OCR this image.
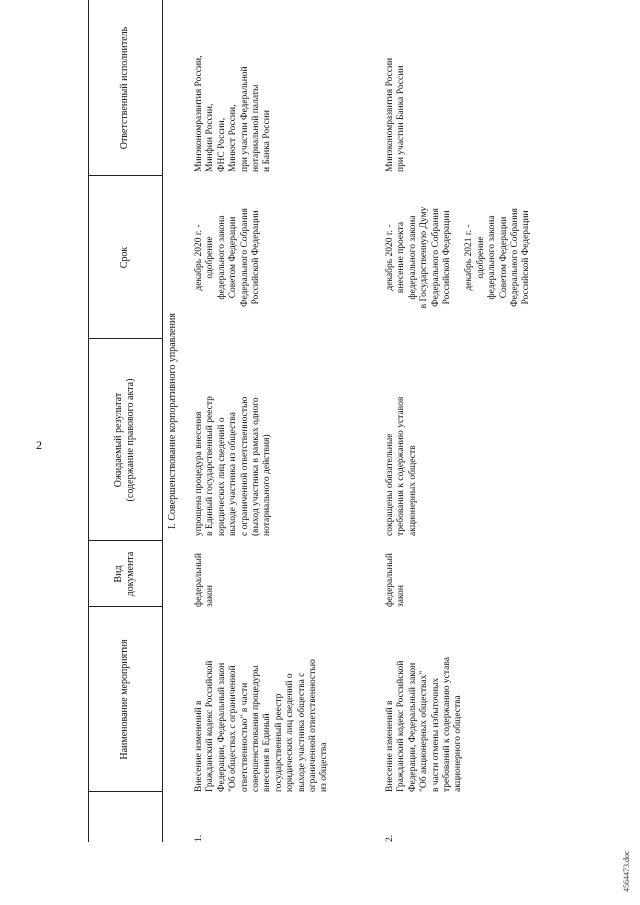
2
4564473.doc
Наименование мероприятия
Вид документа
Ожидаемый результат (содержание правового акта)
Срок
Ответственный исполнитель
I. Совершенствование корпоративного управления
1.
Внесение изменений в Гражданский кодекс Российской Федерации, Федеральный закон "Об обществах с ограниченной ответственностью" в части совершенствования процедуры внесения в Единый государственный реестр юридических лиц сведений о выходе участника общества с ограниченной ответственностью из общества
федеральный закон
упрощена процедура внесения в Единый государственный реестр юридических лиц сведений о выходе участника из общества с ограниченной ответственностью (выход участника в рамках одного нотариального действия)
декабрь 2020 г. - одобрение федерального закона Советом Федерации Федерального Собрания Российской Федерации
Минэкономразвития России, Минфин России, ФНС России, Минюст России, при участии Федеральной нотариальной палаты и Банка России
2.
Внесение изменений в Гражданский кодекс Российской Федерации, Федеральный закон "Об акционерных обществах" в части отмены избыточных требований к содержанию устава акционерного общества
федеральный закон
сокращены обязательные требования к содержанию уставов акционерных обществ
декабрь 2020 г. - внесение проекта федерального закона в Государственную Думу Федерального Собрания Российской Федерации декабрь 2021 г. - одобрение федерального закона Советом Федерации Федерального Собрания Российской Федерации
Минэкономразвития России при участии Банка России
